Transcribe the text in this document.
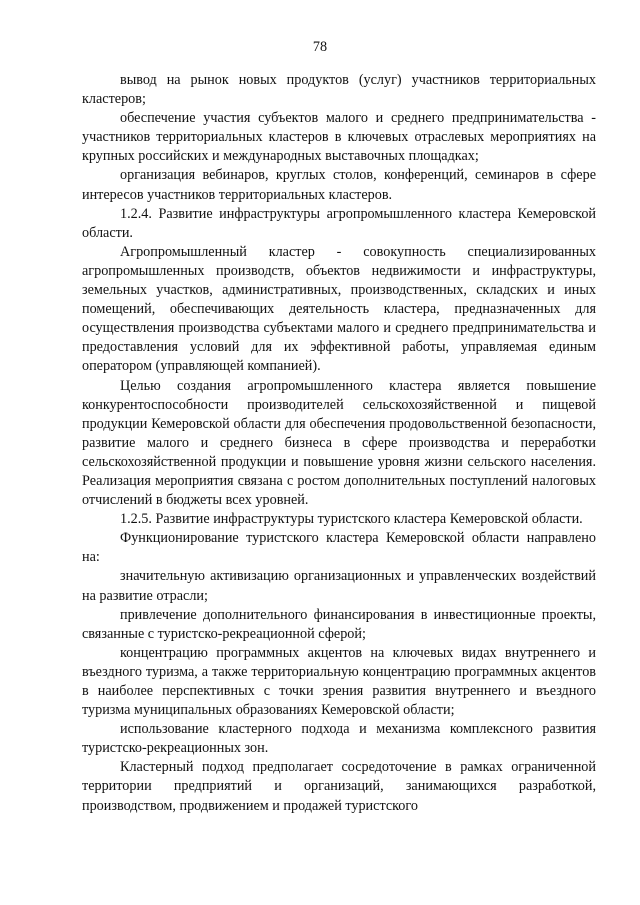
78

вывод на рынок новых продуктов (услуг) участников территориальных кластеров;

обеспечение участия субъектов малого и среднего предпринимательства - участников территориальных кластеров в ключевых отраслевых мероприятиях на крупных российских и международных выставочных площадках;

организация вебинаров, круглых столов, конференций, семинаров в сфере интересов участников территориальных кластеров.

1.2.4. Развитие инфраструктуры агропромышленного кластера Кемеровской области.

Агропромышленный кластер - совокупность специализированных агропромышленных производств, объектов недвижимости и инфраструктуры, земельных участков, административных, производственных, складских и иных помещений, обеспечивающих деятельность кластера, предназначенных для осуществления производства субъектами малого и среднего предпринимательства и предоставления условий для их эффективной работы, управляемая единым оператором (управляющей компанией).

Целью создания агропромышленного кластера является повышение конкурентоспособности производителей сельскохозяйственной и пищевой продукции Кемеровской области для обеспечения продовольственной безопасности, развитие малого и среднего бизнеса в сфере производства и переработки сельскохозяйственной продукции и повышение уровня жизни сельского населения. Реализация мероприятия связана с ростом дополнительных поступлений налоговых отчислений в бюджеты всех уровней.

1.2.5. Развитие инфраструктуры туристского кластера Кемеровской области.

Функционирование туристского кластера Кемеровской области направлено на:

значительную активизацию организационных и управленческих воздействий на развитие отрасли;

привлечение дополнительного финансирования в инвестиционные проекты, связанные с туристско-рекреационной сферой;

концентрацию программных акцентов на ключевых видах внутреннего и въездного туризма, а также территориальную концентрацию программных акцентов в наиболее перспективных с точки зрения развития внутреннего и въездного туризма муниципальных образованиях Кемеровской области;

использование кластерного подхода и механизма комплексного развития туристско-рекреационных зон.

Кластерный подход предполагает сосредоточение в рамках ограниченной территории предприятий и организаций, занимающихся разработкой, производством, продвижением и продажей туристского
